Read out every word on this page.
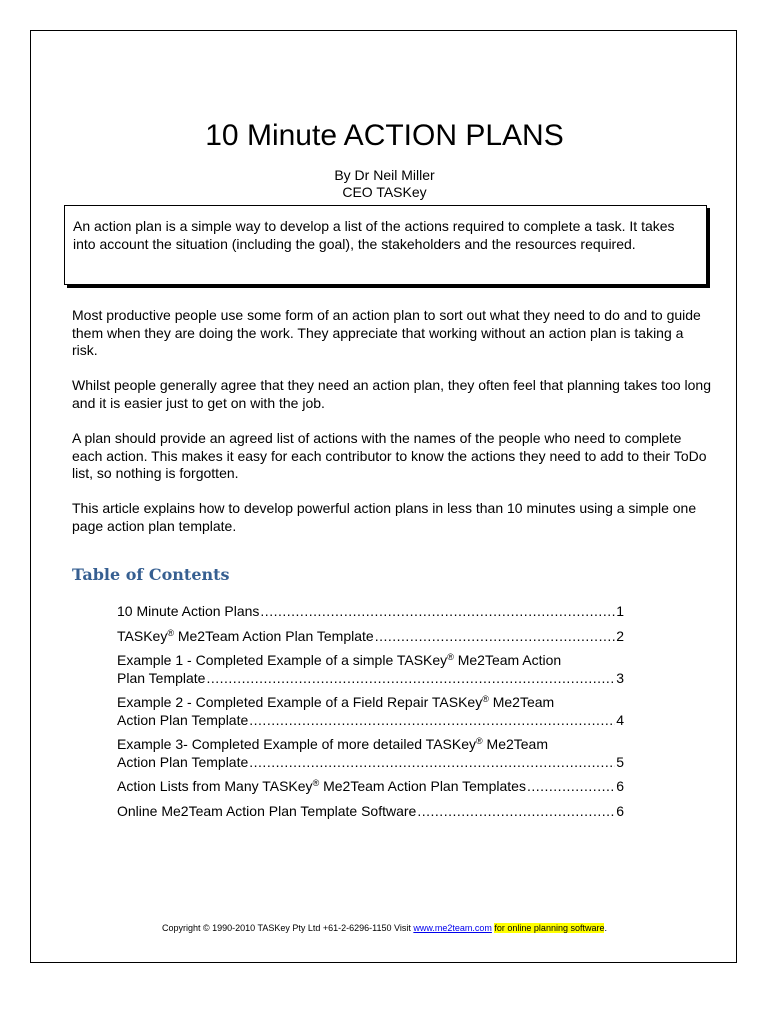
10 Minute ACTION PLANS
By Dr Neil Miller
CEO TASKey
An action plan is a simple way to develop a list of the actions required to complete a task. It takes into account the situation (including the goal), the stakeholders and the resources required.

Most productive people use some form of an action plan to sort out what they need to do and to guide them when they are doing the work. They appreciate that working without an action plan is taking a risk.

Whilst people generally agree that they need an action plan, they often feel that planning takes too long and it is easier just to get on with the job.

A plan should provide an agreed list of actions with the names of the people who need to complete each action. This makes it easy for each contributor to know the actions they need to add to their ToDo list, so nothing is forgotten.

This article explains how to develop powerful action plans in less than 10 minutes using a simple one page action plan template.

Table of Contents
10 Minute Action Plans .....	1
TASKey® Me2Team Action Plan Template .....	2
Example 1 - Completed Example of a simple TASKey® Me2Team Action
Plan Template .....	3
Example 2 - Completed Example of a Field Repair TASKey® Me2Team
Action Plan Template .....	4
Example 3- Completed Example of more detailed TASKey® Me2Team
Action Plan Template .....	5
Action Lists from Many TASKey® Me2Team Action Plan Templates .....	6
Online Me2Team Action Plan Template Software .....	6
Copyright © 1990-2010 TASKey Pty Ltd +61-2-6296-1150 Visit www.me2team.com for online planning software.
